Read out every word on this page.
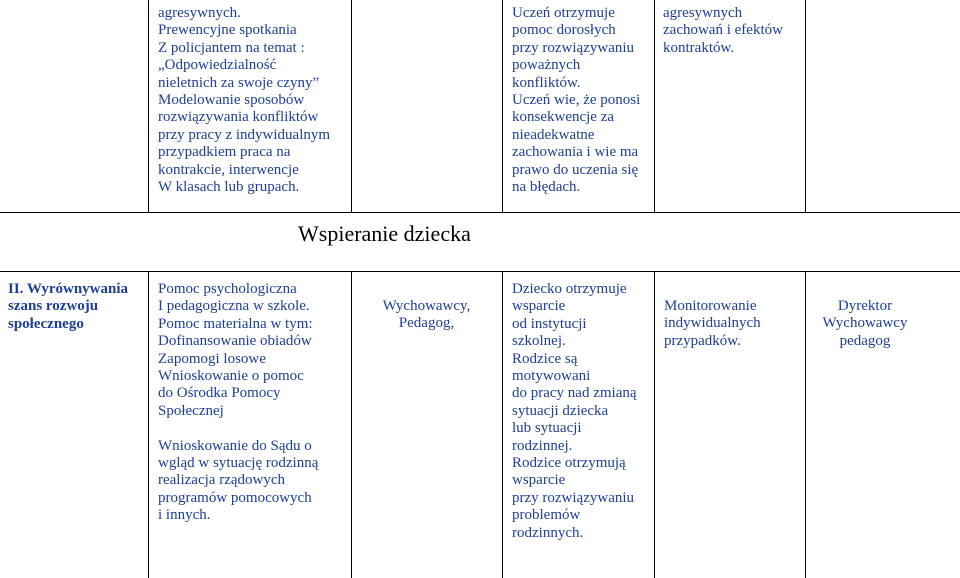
agresywnych.
Prewencyjne spotkania
Z policjantem na temat :
„Odpowiedzialność
nieletnich za swoje czyny”
Modelowanie sposobów
rozwiązywania konfliktów
przy pracy z indywidualnym
przypadkiem praca na
kontrakcie, interwencje
W klasach lub grupach.
Uczeń otrzymuje
pomoc dorosłych
przy rozwiązywaniu
poważnych
konfliktów.
Uczeń wie, że ponosi
konsekwencje za
nieadekwatne
zachowania i wie ma
prawo do uczenia się
na błędach.
agresywnych
zachowań i efektów
kontraktów.
Wspieranie dziecka
II. Wyrównywania
szans rozwoju
społecznego
Pomoc psychologiczna
I pedagogiczna w szkole.
Pomoc materialna w tym:
Dofinansowanie obiadów
Zapomogi losowe
Wnioskowanie o pomoc
do Ośrodka Pomocy
Społecznej
Wnioskowanie do Sądu o
wgląd w sytuację rodzinną
realizacja rządowych
programów pomocowych
i innych.
Wychowawcy,
Pedagog,
Dziecko otrzymuje
wsparcie
od instytucji
szkolnej.
Rodzice są
motywowani
do pracy nad zmianą
sytuacji dziecka
lub sytuacji
rodzinnej.
Rodzice otrzymują
wsparcie
przy rozwiązywaniu
problemów
rodzinnych.
Monitorowanie
indywidualnych
przypadków.
Dyrektor
Wychowawcy
pedagog
